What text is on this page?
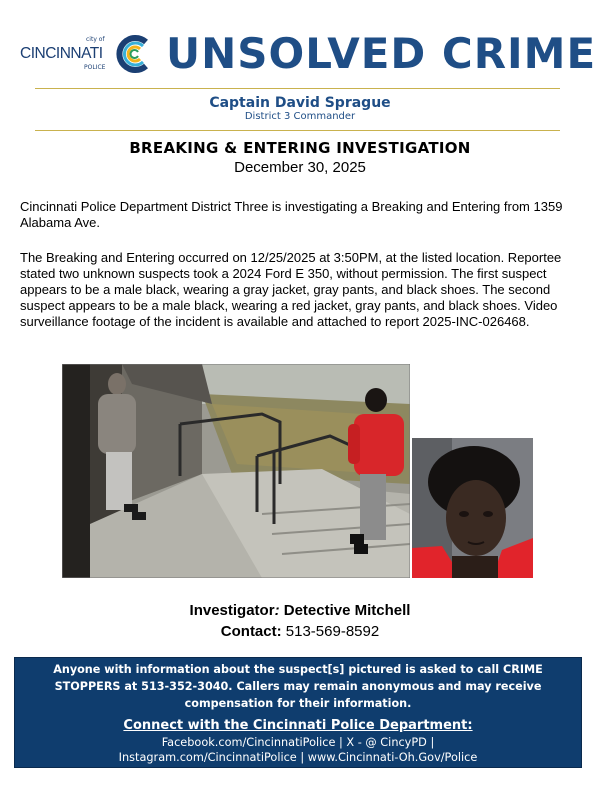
city of
CINCINNATI
POLICE UNSOLVED CRIME
Captain David Sprague
District 3 Commander
BREAKING & ENTERING INVESTIGATION
December 30, 2025
Cincinnati Police Department District Three is investigating a Breaking and Entering from 1359 Alabama Ave.
The Breaking and Entering occurred on 12/25/2025 at 3:50PM, at the listed location. Reportee stated two unknown suspects took a 2024 Ford E 350, without permission. The first suspect appears to be a male black, wearing a gray jacket, gray pants, and black shoes. The second suspect appears to be a male black, wearing a red jacket, gray pants, and black shoes. Video surveillance footage of the incident is available and attached to report 2025-INC-026468.
Investigator: Detective Mitchell
Contact: 513-569-8592
Anyone with information about the suspect[s] pictured is asked to call CRIME STOPPERS at 513-352-3040. Callers may remain anonymous and may receive compensation for their information.
Connect with the Cincinnati Police Department:
Facebook.com/CincinnatiPolice | X - @ CincyPD |
Instagram.com/CincinnatiPolice | www.Cincinnati-Oh.Gov/Police
